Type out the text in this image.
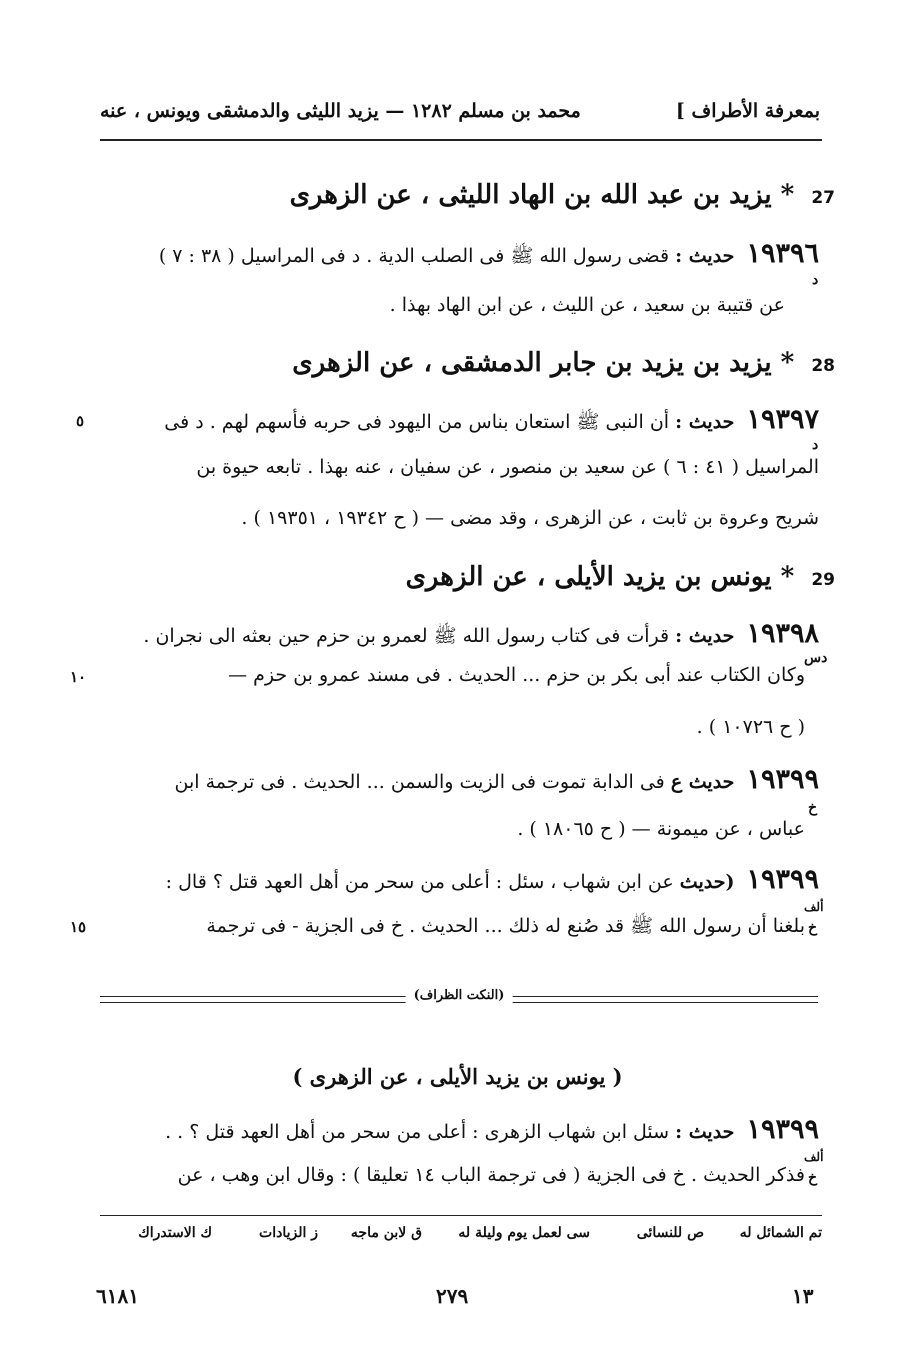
بمعرفة الأطراف ]
محمد بن مسلم ١٢٨٢ — يزيد الليثى والدمشقى ويونس ، عنه
27 * يزيد بن عبد الله بن الهاد الليثى ، عن الزهرى
١٩٣٩٦ حديث : قضى رسول الله ﷺ فى الصلب الدية . د فى المراسيل ( ٣٨ : ٧ )
د
عن قتيبة بن سعيد ، عن الليث ، عن ابن الهاد بهذا .
28 * يزيد بن يزيد بن جابر الدمشقى ، عن الزهرى
١٩٣٩٧ حديث : أن النبى ﷺ استعان بناس من اليهود فى حربه فأسهم لهم . د فى
٥
د
المراسيل ( ٤١ : ٦ ) عن سعيد بن منصور ، عن سفيان ، عنه بهذا . تابعه حيوة بن
شريح وعروة بن ثابت ، عن الزهرى ، وقد مضى — ( ح ١٩٣٤٢ ، ١٩٣٥١ ) .
29 * يونس بن يزيد الأيلى ، عن الزهرى
١٩٣٩٨ حديث : قرأت فى كتاب رسول الله ﷺ لعمرو بن حزم حين بعثه الى نجران .
دس
١٠	وكان الكتاب عند أبى بكر بن حزم ... الحديث . فى مسند عمرو بن حزم —
( ح ١٠٧٢٦ ) .
١٩٣٩٩ حديث ع فى الدابة تموت فى الزيت والسمن ... الحديث . فى ترجمة ابن
خ
عباس ، عن ميمونة — ( ح ١٨٠٦٥ ) .
١٩٣٩٩ (حديث عن ابن شهاب ، سئل : أعلى من سحر من أهل العهد قتل ؟ قال :
ألف
خ
١٥	بلغنا أن رسول الله ﷺ قد صُنع له ذلك ... الحديث . خ فى الجزية - فى ترجمة
(النكت الظراف)
( يونس بن يزيد الأيلى ، عن الزهرى )
١٩٣٩٩ حديث : سئل ابن شهاب الزهرى : أعلى من سحر من أهل العهد قتل ؟ . .
ألف
خ
فذكر الحديث . خ فى الجزية ( فى ترجمة الباب ١٤ تعليقا ) : وقال ابن وهب ، عن
تم الشمائل له
ص للنسائى
سى لعمل يوم وليلة له
ق لابن ماجه
ز الزيادات
ك الاستدراك
٦١٨١	٢٧٩	١٣
